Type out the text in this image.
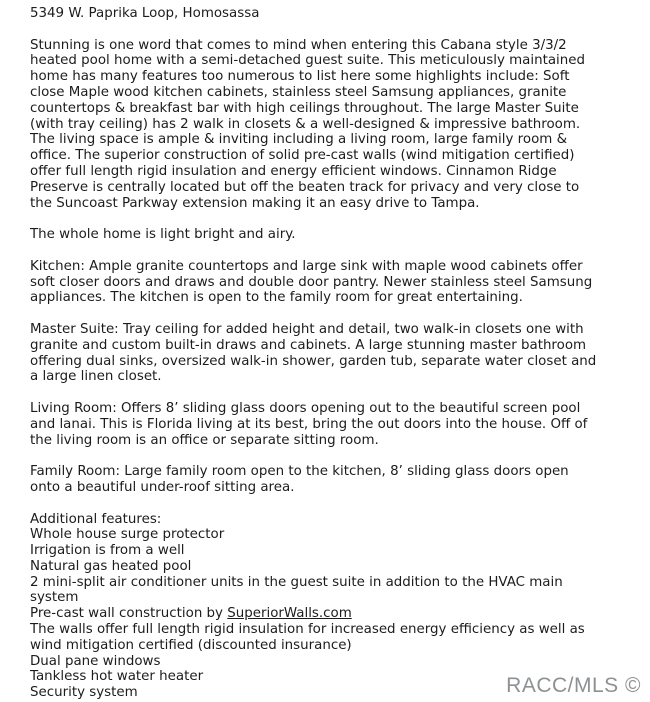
5349 W. Paprika Loop, Homosassa
Stunning is one word that comes to mind when entering this Cabana style 3/3/2
heated pool home with a semi-detached guest suite. This meticulously maintained
home has many features too numerous to list here some highlights include: Soft
close Maple wood kitchen cabinets, stainless steel Samsung appliances, granite
countertops & breakfast bar with high ceilings throughout. The large Master Suite
(with tray ceiling) has 2 walk in closets & a well-designed & impressive bathroom.
The living space is ample & inviting including a living room, large family room &
office. The superior construction of solid pre-cast walls (wind mitigation certified)
offer full length rigid insulation and energy efficient windows. Cinnamon Ridge
Preserve is centrally located but off the beaten track for privacy and very close to
the Suncoast Parkway extension making it an easy drive to Tampa.
The whole home is light bright and airy.
Kitchen: Ample granite countertops and large sink with maple wood cabinets offer
soft closer doors and draws and double door pantry. Newer stainless steel Samsung
appliances. The kitchen is open to the family room for great entertaining.
Master Suite: Tray ceiling for added height and detail, two walk-in closets one with
granite and custom built-in draws and cabinets. A large stunning master bathroom
offering dual sinks, oversized walk-in shower, garden tub, separate water closet and
a large linen closet.
Living Room: Offers 8’ sliding glass doors opening out to the beautiful screen pool
and lanai. This is Florida living at its best, bring the out doors into the house. Off of
the living room is an office or separate sitting room.
Family Room: Large family room open to the kitchen, 8’ sliding glass doors open
onto a beautiful under-roof sitting area.
Additional features:
Whole house surge protector
Irrigation is from a well
Natural gas heated pool
2 mini-split air conditioner units in the guest suite in addition to the HVAC main
system
Pre-cast wall construction by SuperiorWalls.com
The walls offer full length rigid insulation for increased energy efficiency as well as
wind mitigation certified (discounted insurance)
Dual pane windows
Tankless hot water heater
Security system	RACC/MLS ©
